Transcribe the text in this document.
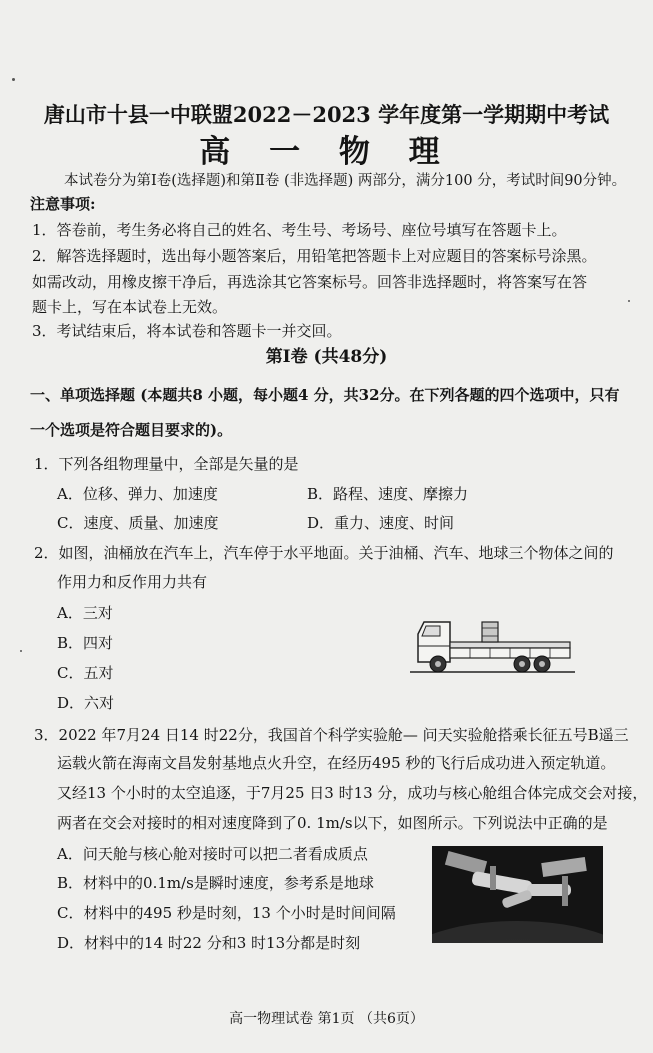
唐山市十县一中联盟2022－2023 学年度第一学期期中考试
高 一 物 理
本试卷分为第Ⅰ卷(选择题)和第Ⅱ卷 (非选择题) 两部分，满分100 分，考试时间90分钟。
注意事项:
1．答卷前，考生务必将自己的姓名、考生号、考场号、座位号填写在答题卡上。
2．解答选择题时，选出每小题答案后，用铅笔把答题卡上对应题目的答案标号涂黑。
如需改动，用橡皮擦干净后，再选涂其它答案标号。回答非选择题时，将答案写在答
题卡上，写在本试卷上无效。
3．考试结束后，将本试卷和答题卡一并交回。
第Ⅰ卷 (共48分)
一、单项选择题 (本题共8 小题，每小题4 分，共32分。在下列各题的四个选项中，只有
一个选项是符合题目要求的)。
1．下列各组物理量中，全部是矢量的是
A．位移、弹力、加速度	B．路程、速度、摩擦力
C．速度、质量、加速度	D．重力、速度、时间
2．如图，油桶放在汽车上，汽车停于水平地面。关于油桶、汽车、地球三个物体之间的
作用力和反作用力共有
A．三对
B．四对
C．五对
D．六对
3．2022 年7月24 日14 时22分，我国首个科学实验舱— 问天实验舱搭乘长征五号B遥三
运载火箭在海南文昌发射基地点火升空，在经历495 秒的飞行后成功进入预定轨道。
又经13 个小时的太空追逐，于7月25 日3 时13 分，成功与核心舱组合体完成交会对接，
两者在交会对接时的相对速度降到了0. 1m/s以下，如图所示。下列说法中正确的是
A．问天舱与核心舱对接时可以把二者看成质点
B．材料中的0.1m/s是瞬时速度，参考系是地球
C．材料中的495 秒是时刻，13 个小时是时间间隔
D．材料中的14 时22 分和3 时13分都是时刻
高一物理试卷 第1页 （共6页）
